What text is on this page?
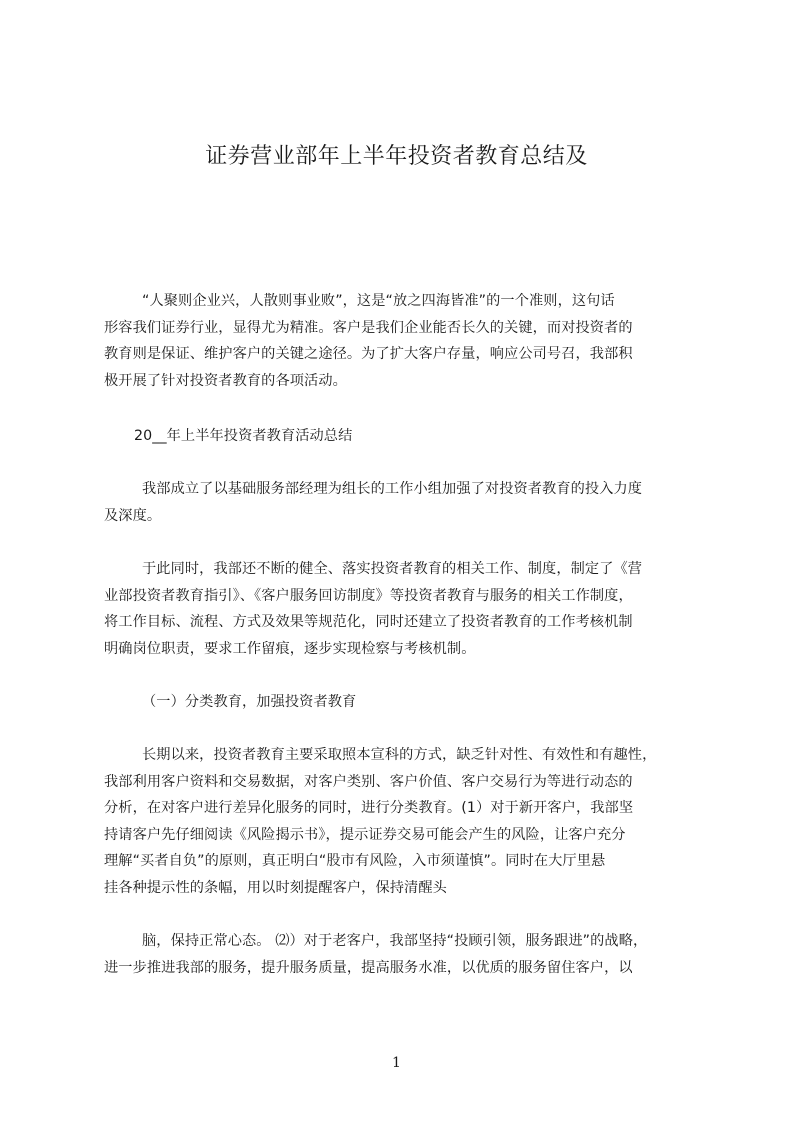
证券营业部年上半年投资者教育总结及
“人聚则企业兴，人散则事业败”，这是“放之四海皆准”的一个准则，这句话
形容我们证券行业，显得尤为精准。客户是我们企业能否长久的关键，而对投资者的
教育则是保证、维护客户的关键之途径。为了扩大客户存量，响应公司号召，我部积
极开展了针对投资者教育的各项活动。
20__年上半年投资者教育活动总结
我部成立了以基础服务部经理为组长的工作小组加强了对投资者教育的投入力度
及深度。
于此同时，我部还不断的健全、落实投资者教育的相关工作、制度，制定了《营
业部投资者教育指引》、《客户服务回访制度》等投资者教育与服务的相关工作制度，
将工作目标、流程、方式及效果等规范化，同时还建立了投资者教育的工作考核机制
明确岗位职责，要求工作留痕，逐步实现检察与考核机制。
（一）分类教育，加强投资者教育
长期以来，投资者教育主要采取照本宣科的方式，缺乏针对性、有效性和有趣性，
我部利用客户资料和交易数据，对客户类别、客户价值、客户交易行为等进行动态的
分析，在对客户进行差异化服务的同时，进行分类教育。(1）对于新开客户，我部坚
持请客户先仔细阅读《风险揭示书》，提示证券交易可能会产生的风险，让客户充分
理解“买者自负”的原则，真正明白“股市有风险，入市须谨慎”。同时在大厅里悬
挂各种提示性的条幅，用以时刻提醒客户，保持清醒头
脑，保持正常心态。 ⑵）对于老客户，我部坚持“投顾引领，服务跟进”的战略，
进一步推进我部的服务，提升服务质量，提高服务水准，以优质的服务留住客户，以
1
